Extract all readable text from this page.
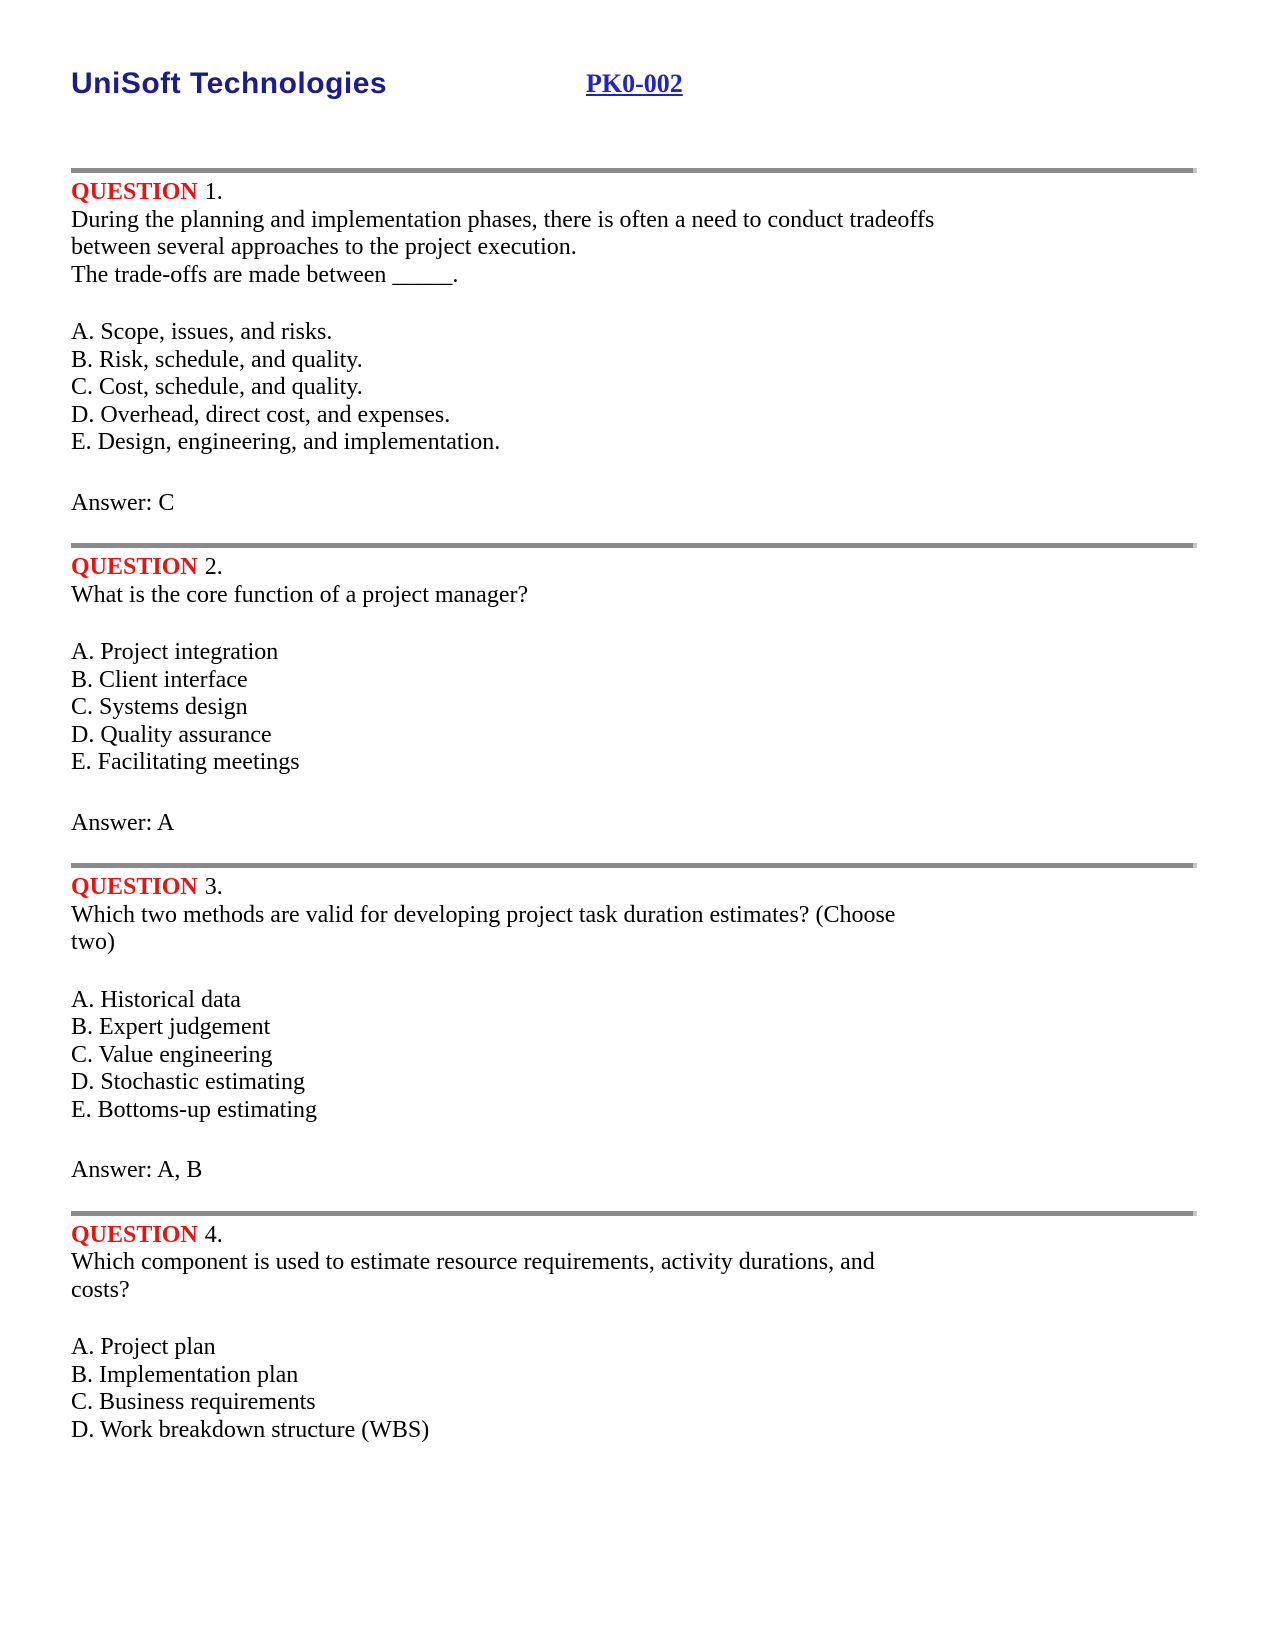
UniSoft Technologies	PK0-002
QUESTION 1.
During the planning and implementation phases, there is often a need to conduct tradeoffs
between several approaches to the project execution.
The trade-offs are made between _____.
A. Scope, issues, and risks.
B. Risk, schedule, and quality.
C. Cost, schedule, and quality.
D. Overhead, direct cost, and expenses.
E. Design, engineering, and implementation.
Answer: C
QUESTION 2.
What is the core function of a project manager?
A. Project integration
B. Client interface
C. Systems design
D. Quality assurance
E. Facilitating meetings
Answer: A
QUESTION 3.
Which two methods are valid for developing project task duration estimates? (Choose
two)
A. Historical data
B. Expert judgement
C. Value engineering
D. Stochastic estimating
E. Bottoms-up estimating
Answer: A, B
QUESTION 4.
Which component is used to estimate resource requirements, activity durations, and
costs?
A. Project plan
B. Implementation plan
C. Business requirements
D. Work breakdown structure (WBS)
